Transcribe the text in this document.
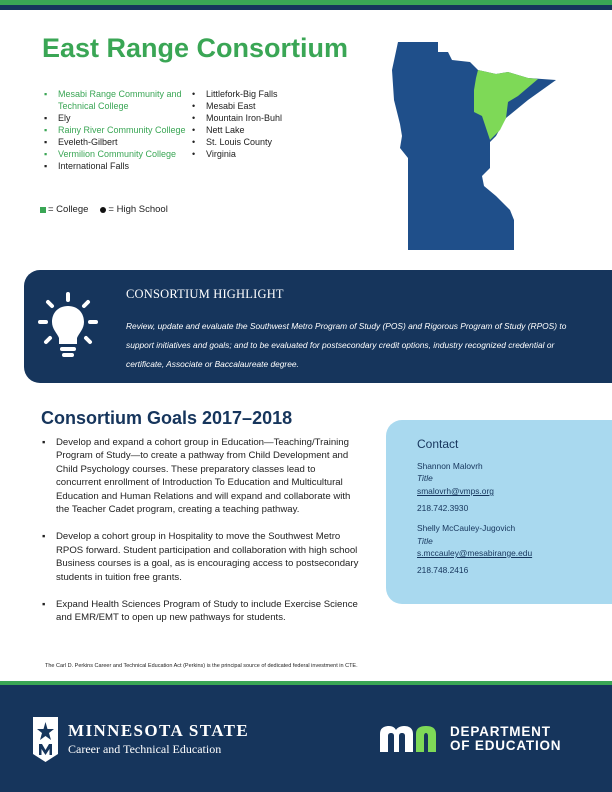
East Range Consortium
▪ Mesabi Range Community and Technical College
▪ Ely
▪ Rainy River Community College
▪ Eveleth-Gilbert
▪ Vermilion Community College
▪ International Falls
• Littlefork-Big Falls
• Mesabi East
• Mountain Iron-Buhl
• Nett Lake
• St. Louis County
• Virginia
= College = High School
CONSORTIUM HIGHLIGHT
Review, update and evaluate the Southwest Metro Program of Study (POS) and Rigorous Program of Study (RPOS) to support initiatives and goals; and to be evaluated for postsecondary credit options, industry recognized credential or certificate, Associate or Baccalaureate degree.
Consortium Goals 2017–2018
▪ Develop and expand a cohort group in Education—Teaching/Training Program of Study—to create a pathway from Child Development and Child Psychology courses. These preparatory classes lead to concurrent enrollment of Introduction To Education and Multicultural Education and Human Relations and will expand and collaborate with the Teacher Cadet program, creating a teaching pathway.
▪ Develop a cohort group in Hospitality to move the Southwest Metro RPOS forward. Student participation and collaboration with high school Business courses is a goal, as is encouraging access to postsecondary students in tuition free grants.
▪ Expand Health Sciences Program of Study to include Exercise Science and EMR/EMT to open up new pathways for students.
Contact
Shannon Malovrh
Title
smalovrh@vmps.org
218.742.3930
Shelly McCauley-Jugovich
Title
s.mccauley@mesabirange.edu
218.748.2416
The Carl D. Perkins Career and Technical Education Act (Perkins) is the principal source of dedicated federal investment in CTE.
MINNESOTA STATE
Career and Technical Education
DEPARTMENT
OF EDUCATION
